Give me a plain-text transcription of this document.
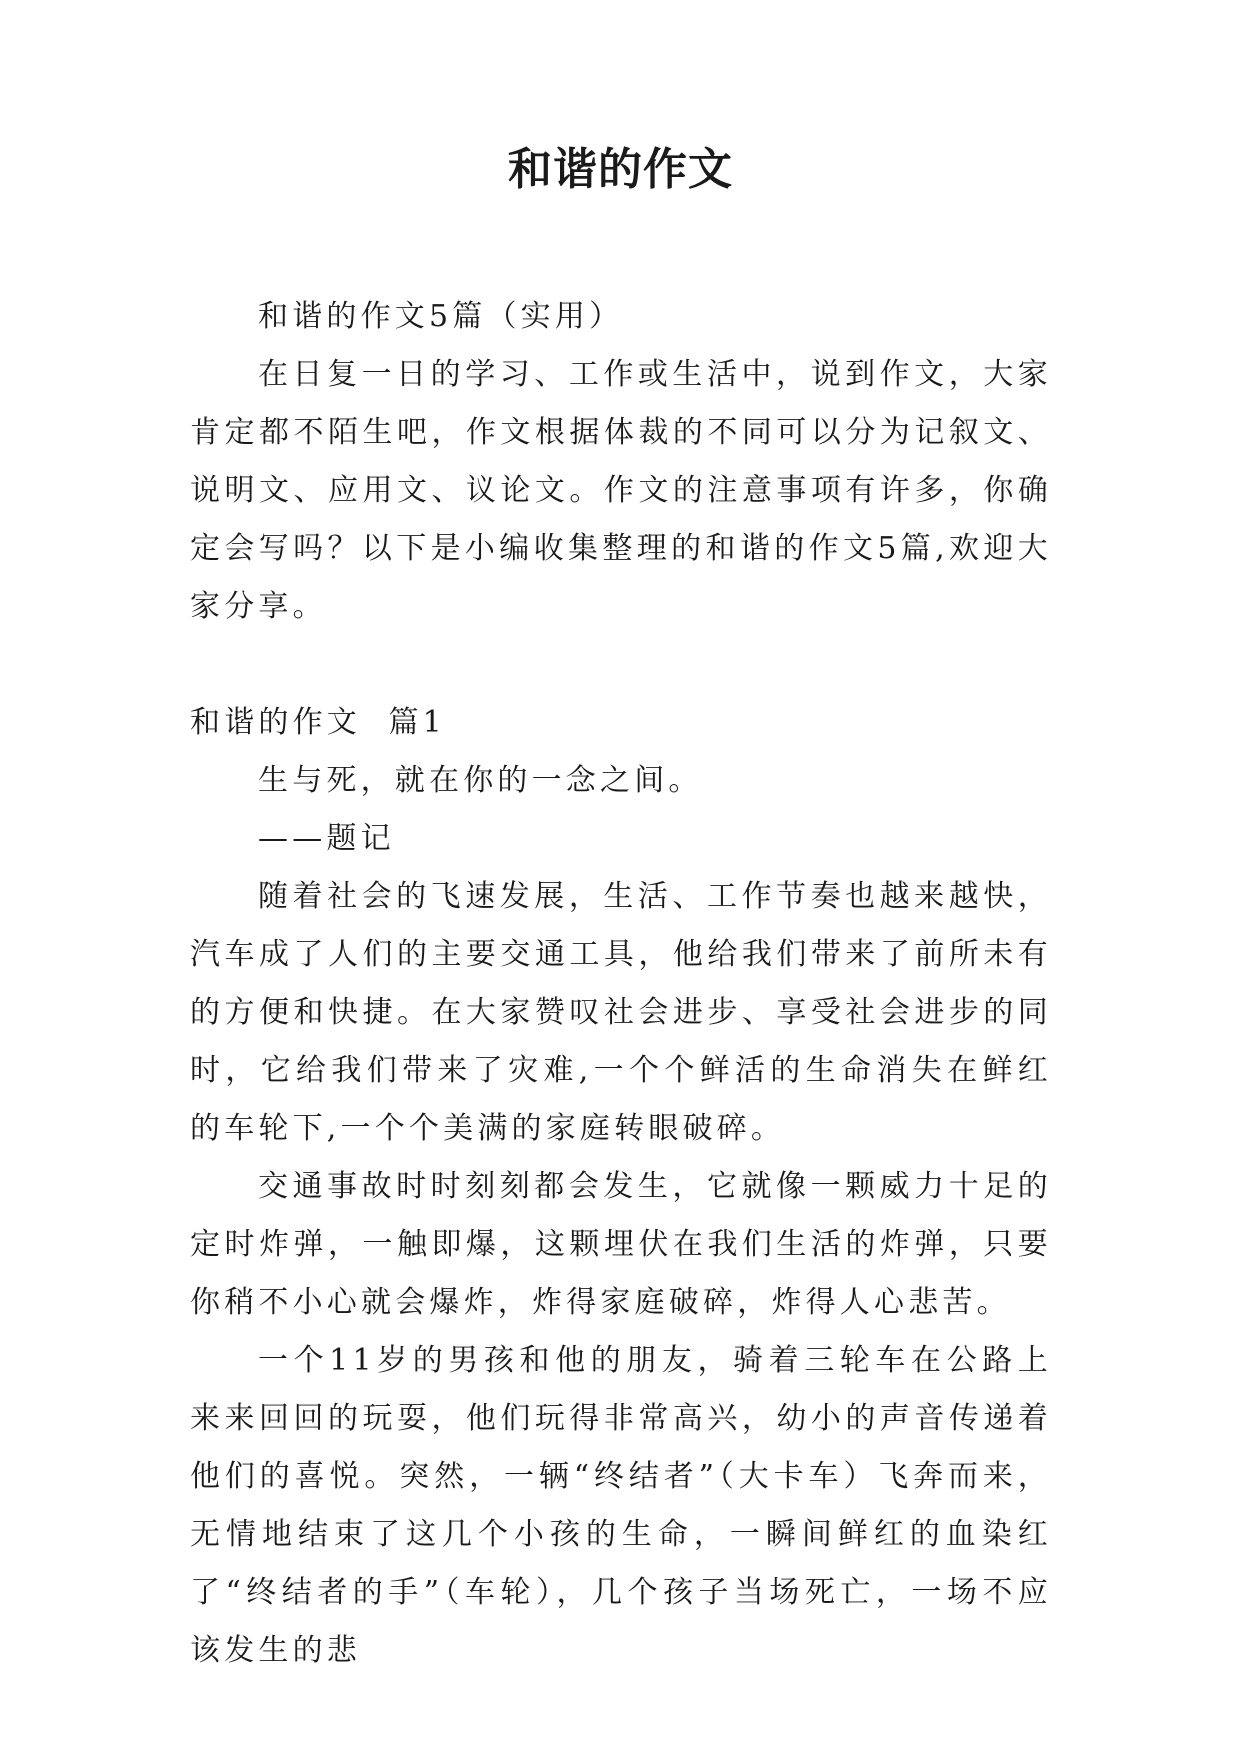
和谐的作文

和谐的作文5篇（实用）

在日复一日的学习、工作或生活中，说到作文，大家肯定都不陌生吧，作文根据体裁的不同可以分为记叙文、说明文、应用文、议论文。作文的注意事项有许多，你确定会写吗？以下是小编收集整理的和谐的作文5篇,欢迎大家分享。

和谐的作文  篇1

生与死，就在你的一念之间。

——题记

随着社会的飞速发展，生活、工作节奏也越来越快，汽车成了人们的主要交通工具，他给我们带来了前所未有的方便和快捷。在大家赞叹社会进步、享受社会进步的同时，它给我们带来了灾难,一个个鲜活的生命消失在鲜红的车轮下,一个个美满的家庭转眼破碎。

交通事故时时刻刻都会发生，它就像一颗威力十足的定时炸弹，一触即爆，这颗埋伏在我们生活的炸弹，只要你稍不小心就会爆炸，炸得家庭破碎，炸得人心悲苦。

一个11岁的男孩和他的朋友，骑着三轮车在公路上来来回回的玩耍，他们玩得非常高兴，幼小的声音传递着他们的喜悦。突然，一辆“终结者”（大卡车）飞奔而来，无情地结束了这几个小孩的生命，一瞬间鲜红的血染红了“终结者的手”（车轮），几个孩子当场死亡，一场不应该发生的悲
